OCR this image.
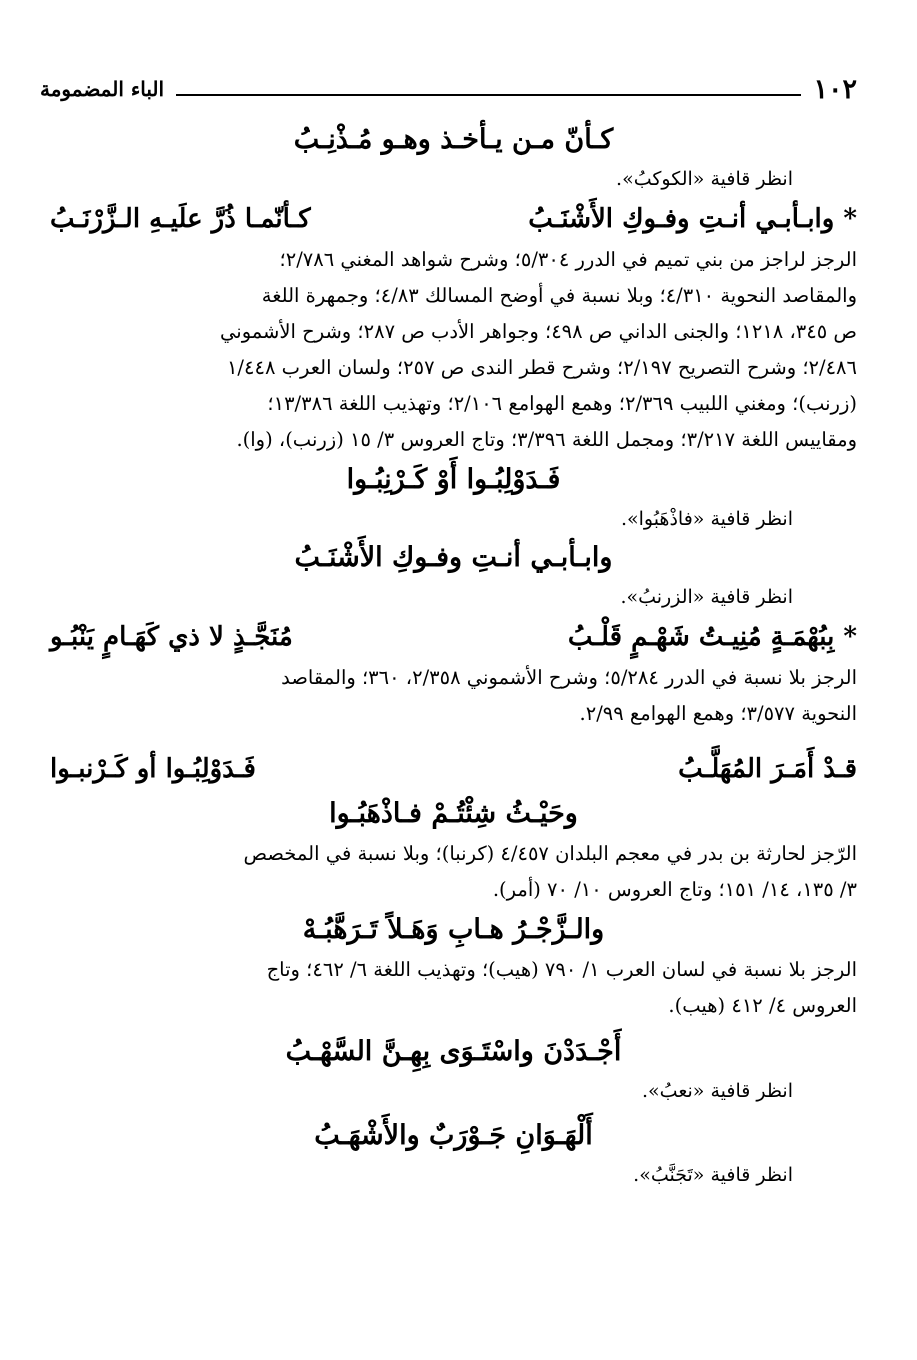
١٠٢
الباء المضمومة
كـأنّ مـن يـأخـذ وهـو مُـذْنِـبُ
انظر قافية «الكوكبُ».
* وابـأبـي أنـتِ وفـوكِ الأَشْنَـبُ
كـأنّمـا ذُرَّ علَيـهِ الـزَّرْنَـبُ

الرجز لراجز من بني تميم في الدرر ٥/٣٠٤؛ وشرح شواهد المغني ٢/٧٨٦؛

والمقاصد النحوية ٤/٣١٠؛ وبلا نسبة في أوضح المسالك ٤/٨٣؛ وجمهرة اللغة

ص ٣٤٥، ١٢١٨؛ والجنى الداني ص ٤٩٨؛ وجواهر الأدب ص ٢٨٧؛ وشرح الأشموني

٢/٤٨٦؛ وشرح التصريح ٢/١٩٧؛ وشرح قطر الندى ص ٢٥٧؛ ولسان العرب ١/٤٤٨

(زرنب)؛ ومغني اللبيب ٢/٣٦٩؛ وهمع الهوامع ٢/١٠٦؛ وتهذيب اللغة ١٣/٣٨٦؛

ومقاييس اللغة ٣/٢١٧؛ ومجمل اللغة ٣/٣٩٦؛ وتاج العروس ٣/ ١٥ (زرنب)، (وا).

فَـدَوْلِبُـوا أَوْ كَـرْنِبُـوا
انظر قافية «فاذْهَبُوا».
وابـأبـي أنـتِ وفـوكِ الأَشْنَـبُ
انظر قافية «الزرنبُ».
* بِبُهْمَـةٍ مُنِيـتُ شَهْـمٍ قَلْـبُ
مُنَجَّـذٍ لا ذي كَهَـامٍ يَنْبُـو

الرجز بلا نسبة في الدرر ٥/٢٨٤؛ وشرح الأشموني ٢/٣٥٨، ٣٦٠؛ والمقاصد

النحوية ٣/٥٧٧؛ وهمع الهوامع ٢/٩٩.

قـدْ أَمَـرَ المُهَلَّـبُ
فَـدَوْلِبُـوا أو كَـرْنبـوا
وحَيْـثُ شِئْتُـمْ فـاذْهَبُـوا

الرّجز لحارثة بن بدر في معجم البلدان ٤/٤٥٧ (كرنبا)؛ وبلا نسبة في المخصص

٣/ ١٣٥، ١٤/ ١٥١؛ وتاج العروس ١٠/ ٧٠ (أمر).

والـزَّجْـرُ هـابِ وَهَـلاً تَـرَهَّبُـهْ

الرجز بلا نسبة في لسان العرب ١/ ٧٩٠ (هيب)؛ وتهذيب اللغة ٦/ ٤٦٢؛ وتاج

العروس ٤/ ٤١٢ (هيب).

أَجْـدَدْنَ واسْتَـوَى بِهِـنَّ السَّهْـبُ
انظر قافية «نعبُ».
أَلْهَـوَانِ جَـوْرَبٌ والأَشْهَـبُ
انظر قافية «تَجَنَّبُ».
